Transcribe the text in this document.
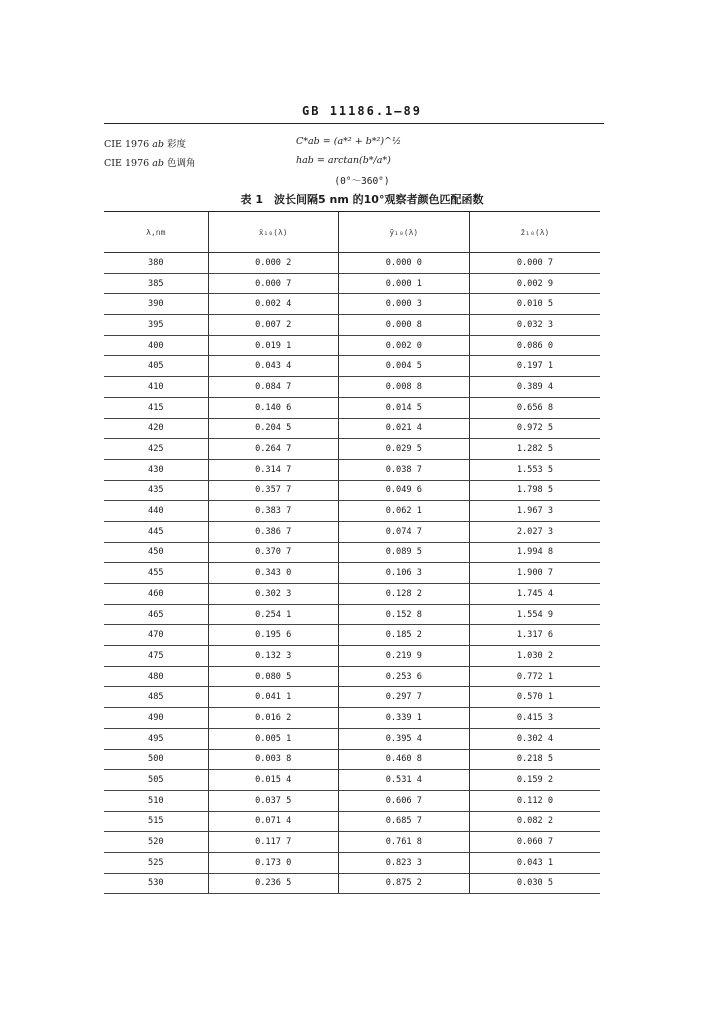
GB 11186.1—89
CIE 1976 ab 彩度	C*ab = (a*² + b*²)^½
CIE 1976 ab 色调角	hab = arctan(b*/a*)
(0°～360°)
表 1　波长间隔5 nm 的10°观察者颜色匹配函数
λ,nm	x̄₁₀(λ)	ȳ₁₀(λ)	z̄₁₀(λ)
380	0.000 2	0.000 0	0.000 7
385	0.000 7	0.000 1	0.002 9
390	0.002 4	0.000 3	0.010 5
395	0.007 2	0.000 8	0.032 3
400	0.019 1	0.002 0	0.086 0
405	0.043 4	0.004 5	0.197 1
410	0.084 7	0.008 8	0.389 4
415	0.140 6	0.014 5	0.656 8
420	0.204 5	0.021 4	0.972 5
425	0.264 7	0.029 5	1.282 5
430	0.314 7	0.038 7	1.553 5
435	0.357 7	0.049 6	1.798 5
440	0.383 7	0.062 1	1.967 3
445	0.386 7	0.074 7	2.027 3
450	0.370 7	0.089 5	1.994 8
455	0.343 0	0.106 3	1.900 7
460	0.302 3	0.128 2	1.745 4
465	0.254 1	0.152 8	1.554 9
470	0.195 6	0.185 2	1.317 6
475	0.132 3	0.219 9	1.030 2
480	0.080 5	0.253 6	0.772 1
485	0.041 1	0.297 7	0.570 1
490	0.016 2	0.339 1	0.415 3
495	0.005 1	0.395 4	0.302 4
500	0.003 8	0.460 8	0.218 5
505	0.015 4	0.531 4	0.159 2
510	0.037 5	0.606 7	0.112 0
515	0.071 4	0.685 7	0.082 2
520	0.117 7	0.761 8	0.060 7
525	0.173 0	0.823 3	0.043 1
530	0.236 5	0.875 2	0.030 5
